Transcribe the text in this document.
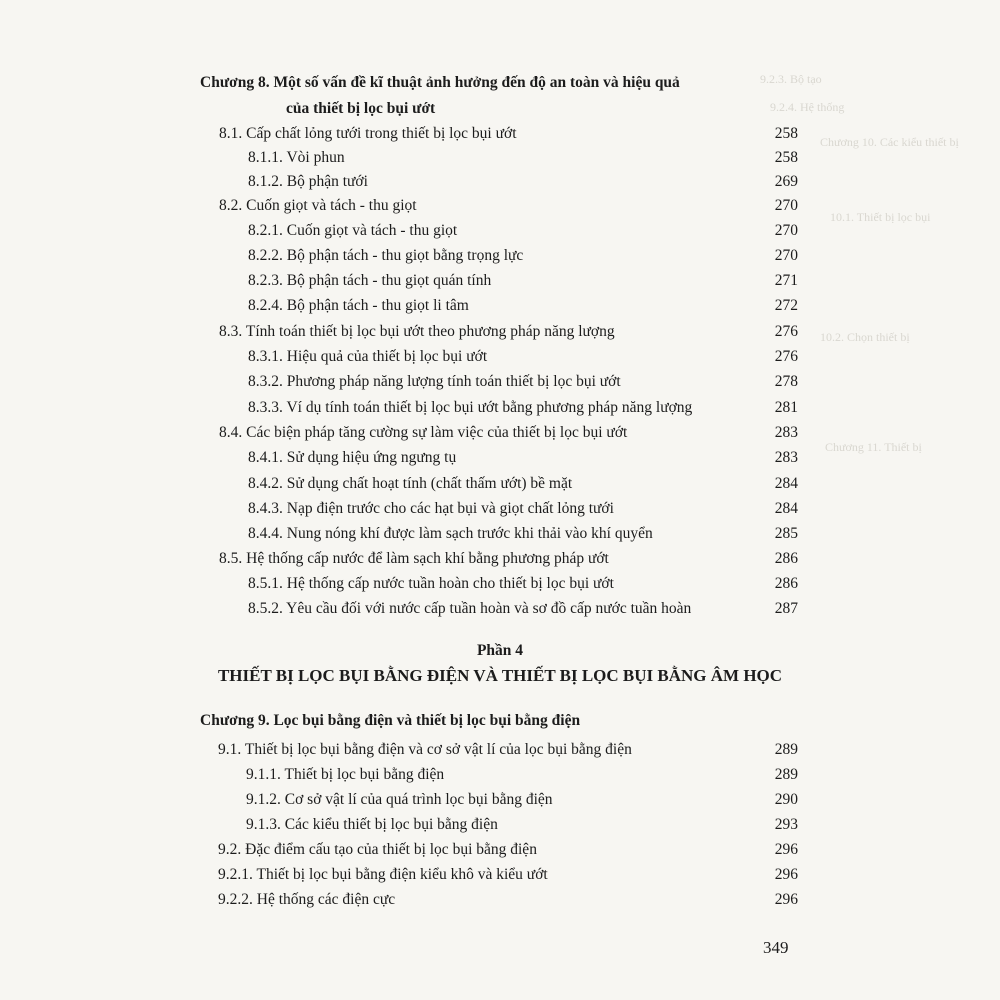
9.2.3. Bộ tạo
9.2.4. Hệ thống
Chương 10. Các kiểu thiết bị
10.1. Thiết bị lọc bụi
10.2. Chọn thiết bị
Chương 11. Thiết bị
Chương 8. Một số vấn đề kĩ thuật ảnh hưởng đến độ an toàn và hiệu quả
của thiết bị lọc bụi ướt
8.1. Cấp chất lỏng tưới trong thiết bị lọc bụi ướt	258
8.1.1. Vòi phun	258
8.1.2. Bộ phận tưới	269
8.2. Cuốn giọt và tách - thu giọt	270
8.2.1. Cuốn giọt và tách - thu giọt	270
8.2.2. Bộ phận tách - thu giọt bằng trọng lực	270
8.2.3. Bộ phận tách - thu giọt quán tính	271
8.2.4. Bộ phận tách - thu giọt li tâm	272
8.3. Tính toán thiết bị lọc bụi ướt theo phương pháp năng lượng	276
8.3.1. Hiệu quả của thiết bị lọc bụi ướt	276
8.3.2. Phương pháp năng lượng tính toán thiết bị lọc bụi ướt	278
8.3.3. Ví dụ tính toán thiết bị lọc bụi ướt bằng phương pháp năng lượng	281
8.4. Các biện pháp tăng cường sự làm việc của thiết bị lọc bụi ướt	283
8.4.1. Sử dụng hiệu ứng ngưng tụ	283
8.4.2. Sử dụng chất hoạt tính (chất thấm ướt) bề mặt	284
8.4.3. Nạp điện trước cho các hạt bụi và giọt chất lỏng tưới	284
8.4.4. Nung nóng khí được làm sạch trước khi thải vào khí quyển	285
8.5. Hệ thống cấp nước để làm sạch khí bằng phương pháp ướt	286
8.5.1. Hệ thống cấp nước tuần hoàn cho thiết bị lọc bụi ướt	286
8.5.2. Yêu cầu đối với nước cấp tuần hoàn và sơ đồ cấp nước tuần hoàn	287
Phần 4
THIẾT BỊ LỌC BỤI BẰNG ĐIỆN VÀ THIẾT BỊ LỌC BỤI BẰNG ÂM HỌC
Chương 9. Lọc bụi bằng điện và thiết bị lọc bụi bằng điện
9.1. Thiết bị lọc bụi bằng điện và cơ sở vật lí của lọc bụi bằng điện	289
9.1.1. Thiết bị lọc bụi bằng điện	289
9.1.2. Cơ sở vật lí của quá trình lọc bụi bằng điện	290
9.1.3. Các kiểu thiết bị lọc bụi bằng điện	293
9.2. Đặc điểm cấu tạo của thiết bị lọc bụi bằng điện	296
9.2.1. Thiết bị lọc bụi bằng điện kiểu khô và kiểu ướt	296
9.2.2. Hệ thống các điện cực	296
349
